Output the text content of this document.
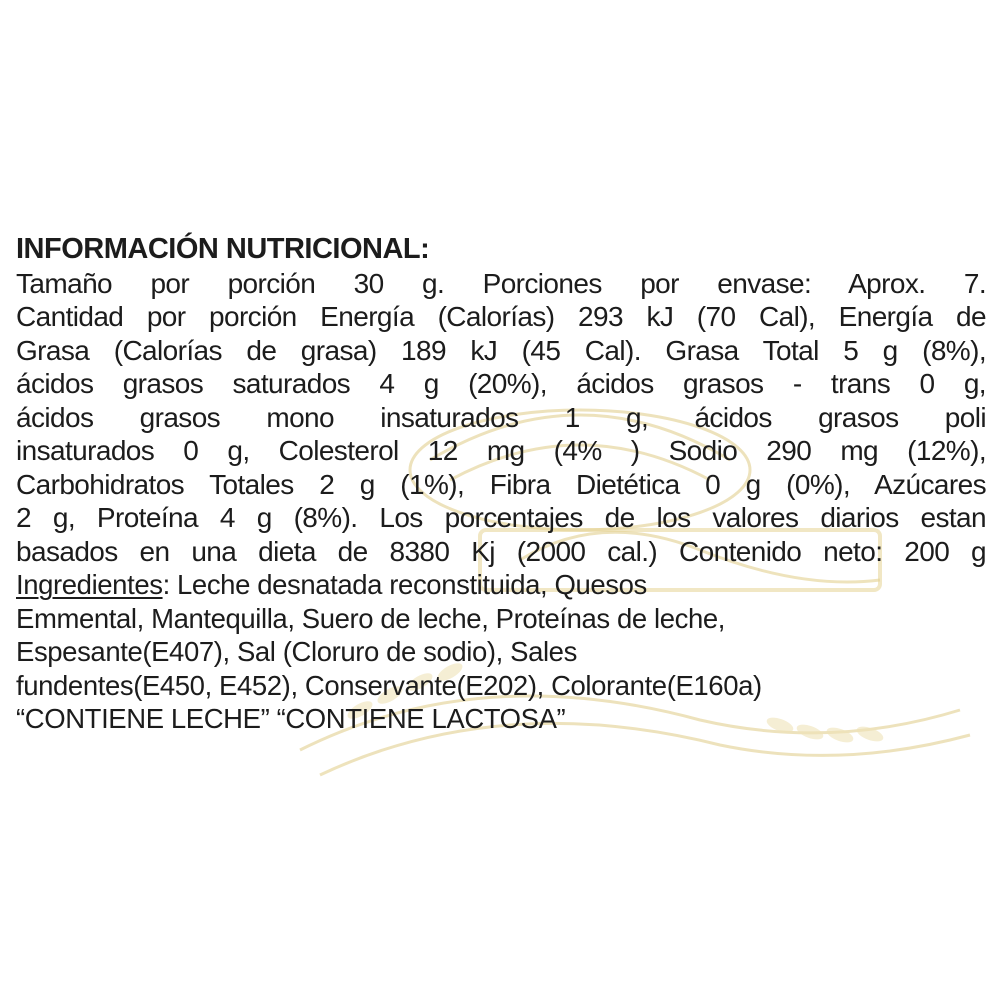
INFORMACIÓN NUTRICIONAL:
Tamaño por porción 30 g. Porciones por envase: Aprox. 7.
Cantidad por porción Energía (Calorías) 293 kJ (70 Cal), Energía de
Grasa (Calorías de grasa) 189 kJ (45 Cal). Grasa Total 5 g (8%),
ácidos grasos saturados 4 g (20%), ácidos grasos - trans 0 g,
ácidos grasos mono insaturados 1 g, ácidos grasos poli
insaturados 0 g, Colesterol 12 mg (4% ) Sodio 290 mg (12%),
Carbohidratos Totales 2 g (1%), Fibra Dietética 0 g (0%), Azúcares
2 g, Proteína 4 g (8%). Los porcentajes de los valores diarios estan
basados en una dieta de 8380 Kj (2000 cal.) Contenido neto: 200 g
Ingredientes: Leche desnatada reconstituida, Quesos
Emmental, Mantequilla, Suero de leche, Proteínas de leche,
Espesante(E407), Sal (Cloruro de sodio), Sales
fundentes(E450, E452), Conservante(E202), Colorante(E160a)
“CONTIENE LECHE” “CONTIENE LACTOSA”
